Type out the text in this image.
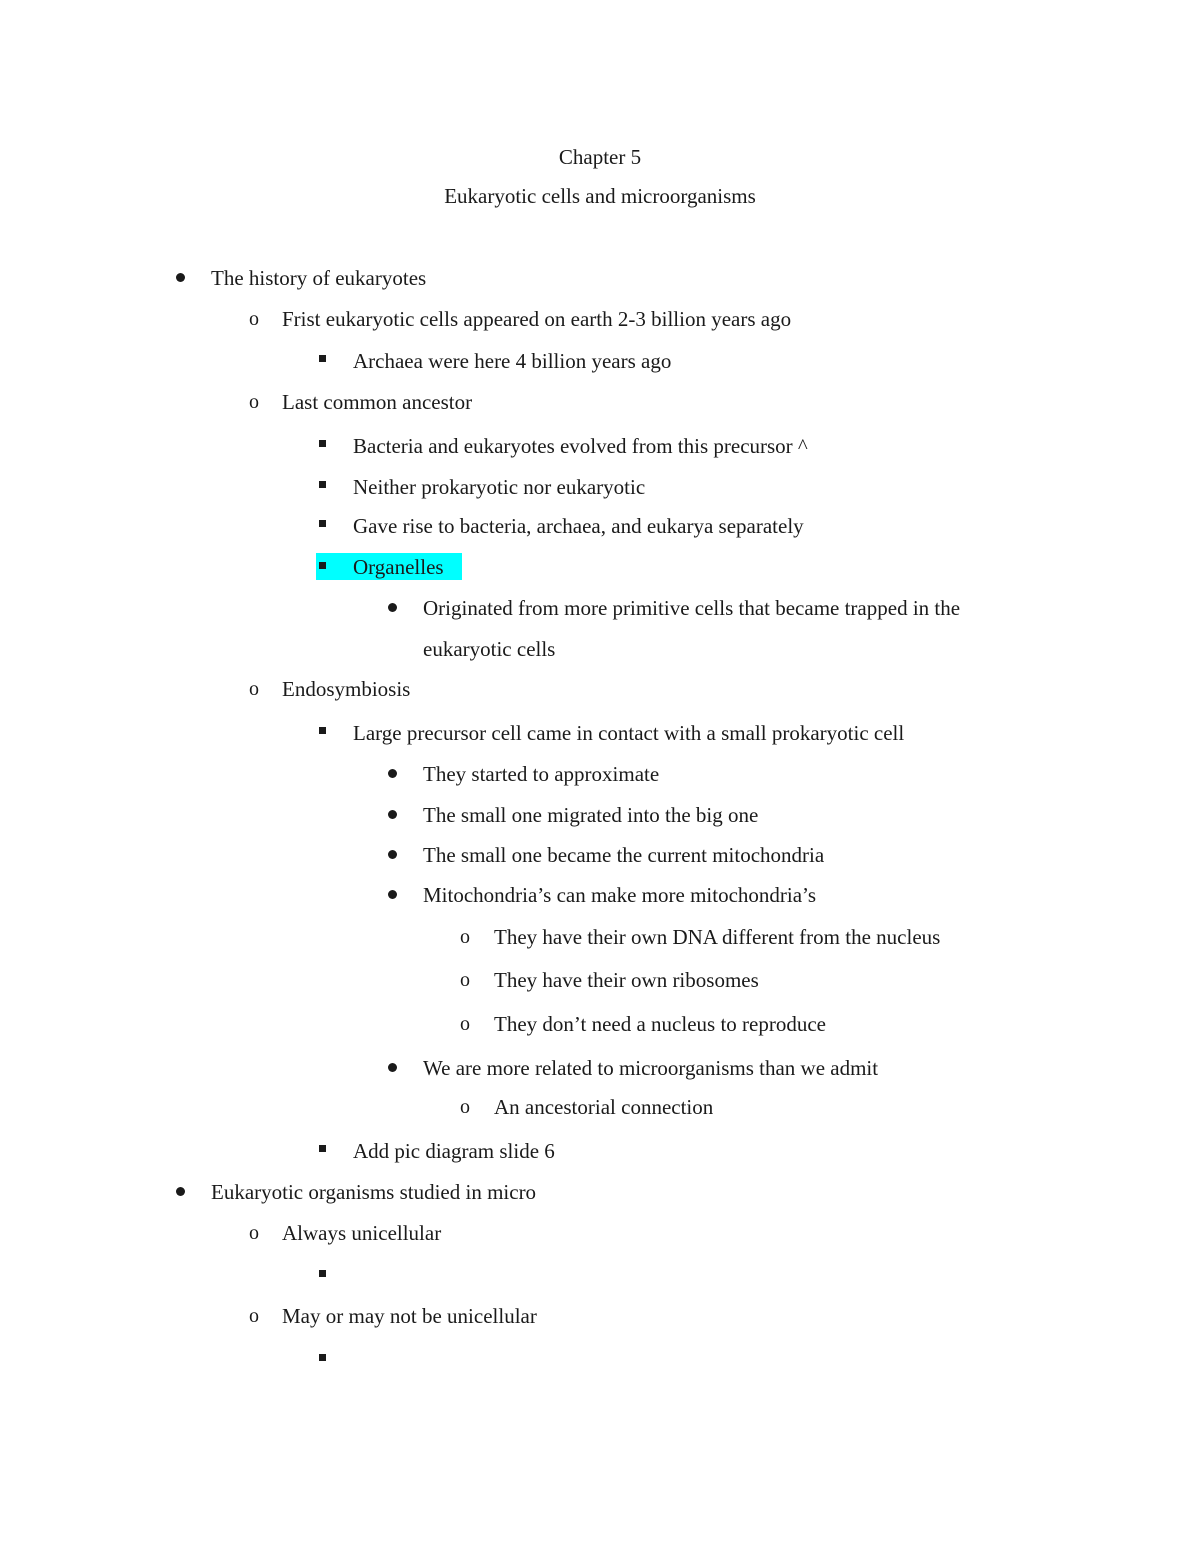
Chapter 5
Eukaryotic cells and microorganisms
The history of eukaryotes
o Frist eukaryotic cells appeared on earth 2-3 billion years ago
Archaea were here 4 billion years ago
o Last common ancestor
Bacteria and eukaryotes evolved from this precursor ^
Neither prokaryotic nor eukaryotic
Gave rise to bacteria, archaea, and eukarya separately
Organelles
Originated from more primitive cells that became trapped in the
eukaryotic cells
o Endosymbiosis
Large precursor cell came in contact with a small prokaryotic cell
They started to approximate
The small one migrated into the big one
The small one became the current mitochondria
Mitochondria’s can make more mitochondria’s
o They have their own DNA different from the nucleus
o They have their own ribosomes
o They don’t need a nucleus to reproduce
We are more related to microorganisms than we admit
o An ancestorial connection
Add pic diagram slide 6
Eukaryotic organisms studied in micro
o Always unicellular
o May or may not be unicellular
